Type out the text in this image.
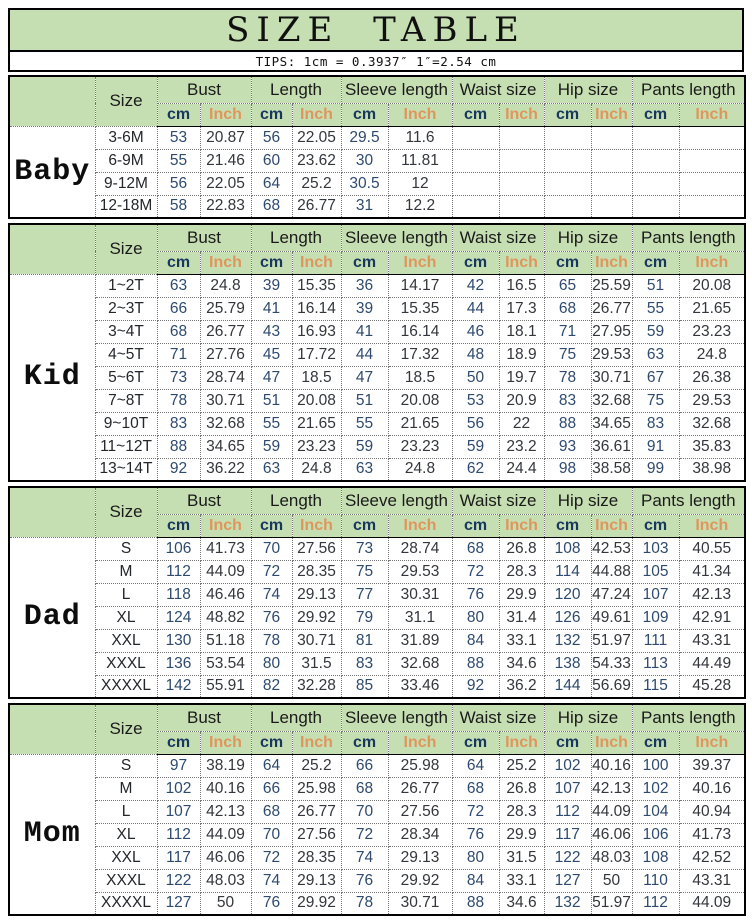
SIZE TABLE
TIPS: 1cm = 0.3937″ 1″=2.54 cm
	Size	Bust		Length		Sleeve length		Waist size		Hip size		Pants length	
		cm	Inch	cm	Inch	cm	Inch	cm	Inch	cm	Inch	cm	Inch
Baby	3-6M	53	20.87	56	22.05	29.5	11.6						
	6-9M	55	21.46	60	23.62	30	11.81						
	9-12M	56	22.05	64	25.2	30.5	12						
	12-18M	58	22.83	68	26.77	31	12.2						
	Size	Bust		Length		Sleeve length		Waist size		Hip size		Pants length	
		cm	Inch	cm	Inch	cm	Inch	cm	Inch	cm	Inch	cm	Inch
Kid	1~2T	63	24.8	39	15.35	36	14.17	42	16.5	65	25.59	51	20.08
	2~3T	66	25.79	41	16.14	39	15.35	44	17.3	68	26.77	55	21.65
	3~4T	68	26.77	43	16.93	41	16.14	46	18.1	71	27.95	59	23.23
	4~5T	71	27.76	45	17.72	44	17.32	48	18.9	75	29.53	63	24.8
	5~6T	73	28.74	47	18.5	47	18.5	50	19.7	78	30.71	67	26.38
	7~8T	78	30.71	51	20.08	51	20.08	53	20.9	83	32.68	75	29.53
	9~10T	83	32.68	55	21.65	55	21.65	56	22	88	34.65	83	32.68
	11~12T	88	34.65	59	23.23	59	23.23	59	23.2	93	36.61	91	35.83
	13~14T	92	36.22	63	24.8	63	24.8	62	24.4	98	38.58	99	38.98
	Size	Bust		Length		Sleeve length		Waist size		Hip size		Pants length	
		cm	Inch	cm	Inch	cm	Inch	cm	Inch	cm	Inch	cm	Inch
Dad	S	106	41.73	70	27.56	73	28.74	68	26.8	108	42.53	103	40.55
	M	112	44.09	72	28.35	75	29.53	72	28.3	114	44.88	105	41.34
	L	118	46.46	74	29.13	77	30.31	76	29.9	120	47.24	107	42.13
	XL	124	48.82	76	29.92	79	31.1	80	31.4	126	49.61	109	42.91
	XXL	130	51.18	78	30.71	81	31.89	84	33.1	132	51.97	111	43.31
	XXXL	136	53.54	80	31.5	83	32.68	88	34.6	138	54.33	113	44.49
	XXXXL	142	55.91	82	32.28	85	33.46	92	36.2	144	56.69	115	45.28
	Size	Bust		Length		Sleeve length		Waist size		Hip size		Pants length	
		cm	Inch	cm	Inch	cm	Inch	cm	Inch	cm	Inch	cm	Inch
Mom	S	97	38.19	64	25.2	66	25.98	64	25.2	102	40.16	100	39.37
	M	102	40.16	66	25.98	68	26.77	68	26.8	107	42.13	102	40.16
	L	107	42.13	68	26.77	70	27.56	72	28.3	112	44.09	104	40.94
	XL	112	44.09	70	27.56	72	28.34	76	29.9	117	46.06	106	41.73
	XXL	117	46.06	72	28.35	74	29.13	80	31.5	122	48.03	108	42.52
	XXXL	122	48.03	74	29.13	76	29.92	84	33.1	127	50	110	43.31
	XXXXL	127	50	76	29.92	78	30.71	88	34.6	132	51.97	112	44.09
